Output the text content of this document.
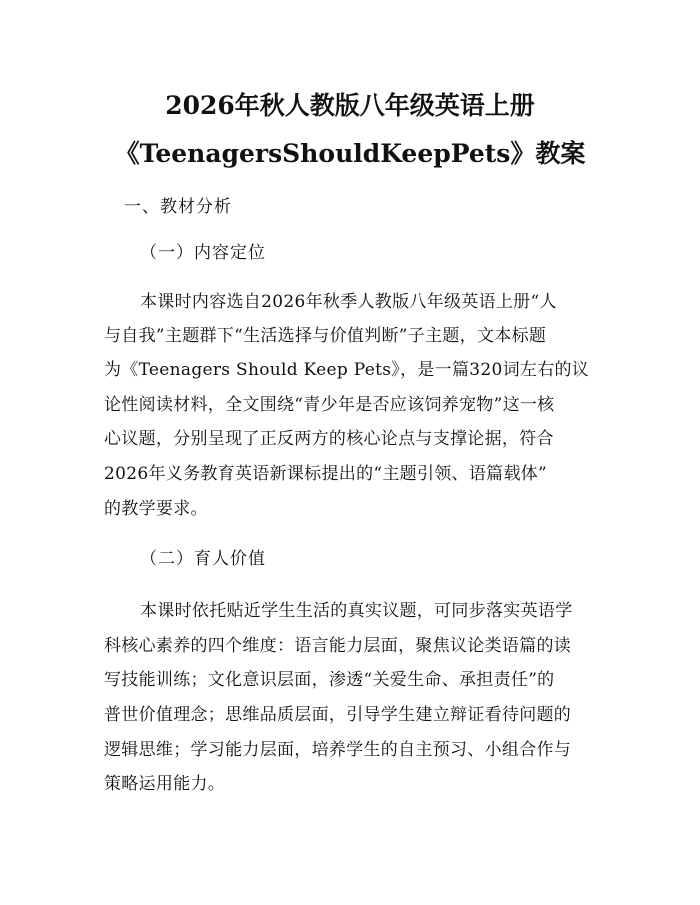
2026年秋人教版八年级英语上册
《TeenagersShouldKeepPets》教案
一、教材分析
（一）内容定位
本课时内容选自2026年秋季人教版八年级英语上册“人
与自我”主题群下“生活选择与价值判断”子主题，文本标题
为《Teenagers Should Keep Pets》，是一篇320词左右的议
论性阅读材料，全文围绕“青少年是否应该饲养宠物”这一核
心议题，分别呈现了正反两方的核心论点与支撑论据，符合
2026年义务教育英语新课标提出的“主题引领、语篇载体”
的教学要求。
（二）育人价值
本课时依托贴近学生生活的真实议题，可同步落实英语学
科核心素养的四个维度：语言能力层面，聚焦议论类语篇的读
写技能训练；文化意识层面，渗透“关爱生命、承担责任”的
普世价值理念；思维品质层面，引导学生建立辩证看待问题的
逻辑思维；学习能力层面，培养学生的自主预习、小组合作与
策略运用能力。
